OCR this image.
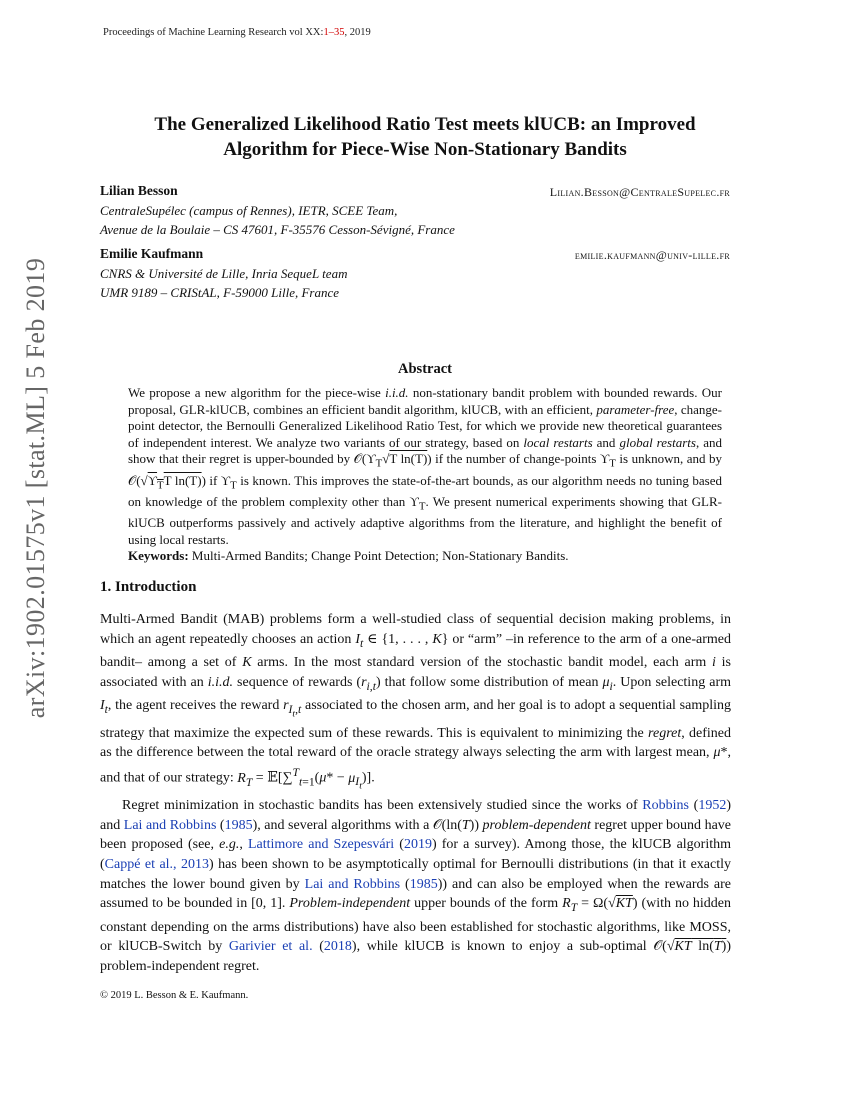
Proceedings of Machine Learning Research vol XX:1–35, 2019
arXiv:1902.01575v1 [stat.ML] 5 Feb 2019
The Generalized Likelihood Ratio Test meets klUCB: an Improved
Algorithm for Piece-Wise Non-Stationary Bandits
Lilian Besson	Lilian.Besson@CentraleSupelec.fr
CentraleSupélec (campus of Rennes), IETR, SCEE Team,
Avenue de la Boulaie – CS 47601, F-35576 Cesson-Sévigné, France
Emilie Kaufmann	emilie.kaufmann@univ-lille.fr
CNRS & Université de Lille, Inria SequeL team
UMR 9189 – CRIStAL, F-59000 Lille, France
Abstract
We propose a new algorithm for the piece-wise i.i.d. non-stationary bandit problem with bounded rewards. Our proposal, GLR-klUCB, combines an efficient bandit algorithm, klUCB, with an efficient, parameter-free, change-point detector, the Bernoulli Generalized Likelihood Ratio Test, for which we provide new theoretical guarantees of independent interest. We analyze two variants of our strategy, based on local restarts and global restarts, and show that their regret is upper-bounded by $𝒪(ϒ_T√T$ ln(T)) if the number of change-points $ϒ_T$ is unknown, and by $𝒪(√ϒ_TT$ ln(T)) if $ϒ_T$ is known. This improves the state-of-the-art bounds, as our algorithm needs no tuning based on knowledge of the problem complexity other than $ϒ_T$. We present numerical experiments showing that GLR-klUCB outperforms passively and actively adaptive algorithms from the literature, and highlight the benefit of using local restarts.
Keywords: Multi-Armed Bandits; Change Point Detection; Non-Stationary Bandits.
1. Introduction

Multi-Armed Bandit (MAB) problems form a well-studied class of sequential decision making problems, in which an agent repeatedly chooses an action $I_t$ ∈ {1, . . . , K} or “arm” –in reference to the arm of a one-armed bandit– among a set of K arms. In the most standard version of the stochastic bandit model, each arm i is associated with an i.i.d. sequence of rewards $(r_{i,t})$ that follow some distribution of mean $\mu_i$. Upon selecting arm $I_t$, the agent receives the reward $r_{I_t,t}$ associated to the chosen arm, and her goal is to adopt a sequential sampling strategy that maximize the expected sum of these rewards. This is equivalent to minimizing the regret, defined as the difference between the total reward of the oracle strategy always selecting the arm with largest mean, μ*, and that of our strategy: $R_T$ = 𝔼[∑$^T_{t=1}$(μ* − $\mu_{I_t}$)].

Regret minimization in stochastic bandits has been extensively studied since the works of Robbins (1952) and Lai and Robbins (1985), and several algorithms with a 𝒪(ln(T)) problem-dependent regret upper bound have been proposed (see, e.g., Lattimore and Szepesvári (2019) for a survey). Among those, the klUCB algorithm (Cappé et al., 2013) has been shown to be asymptotically optimal for Bernoulli distributions (in that it exactly matches the lower bound given by Lai and Robbins (1985)) and can also be employed when the rewards are assumed to be bounded in [0, 1]. Problem-independent upper bounds of the form $R_T = \Omega(√KT)$ (with no hidden constant depending on the arms distributions) have also been established for stochastic algorithms, like MOSS, or klUCB-Switch by Garivier et al. (2018), while klUCB is known to enjoy a sub-optimal 𝒪(√KT ln(T)) problem-independent regret.

© 2019 L. Besson & E. Kaufmann.
